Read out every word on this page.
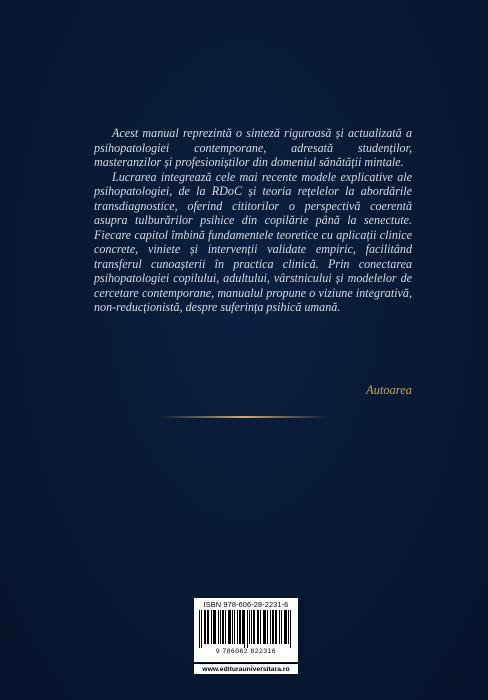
Acest manual reprezintă o sinteză riguroasă și actualizată a psihopatologiei contemporane, adresată studenților, masteranzilor și profesioniștilor din domeniul sănătății mintale.

Lucrarea integrează cele mai recente modele explicative ale psihopatologiei, de la RDoC și teoria rețelelor la abordările transdiagnostice, oferind cititorilor o perspectivă coerentă asupra tulburărilor psihice din copilărie până la senectute. Fiecare capitol îmbină fundamentele teoretice cu aplicații clinice concrete, viniete și intervenții validate empiric, facilitând transferul cunoașterii în practica clinică. Prin conectarea psihopatologiei copilului, adultului, vârstnicului și modelelor de cercetare contemporane, manualul propune o viziune integrativă, non-reducționistă, despre suferința psihică umană.

Autoarea
ISBN 978-606-28-2231-6
9 786062 822316
www.editurauniversitara.ro
